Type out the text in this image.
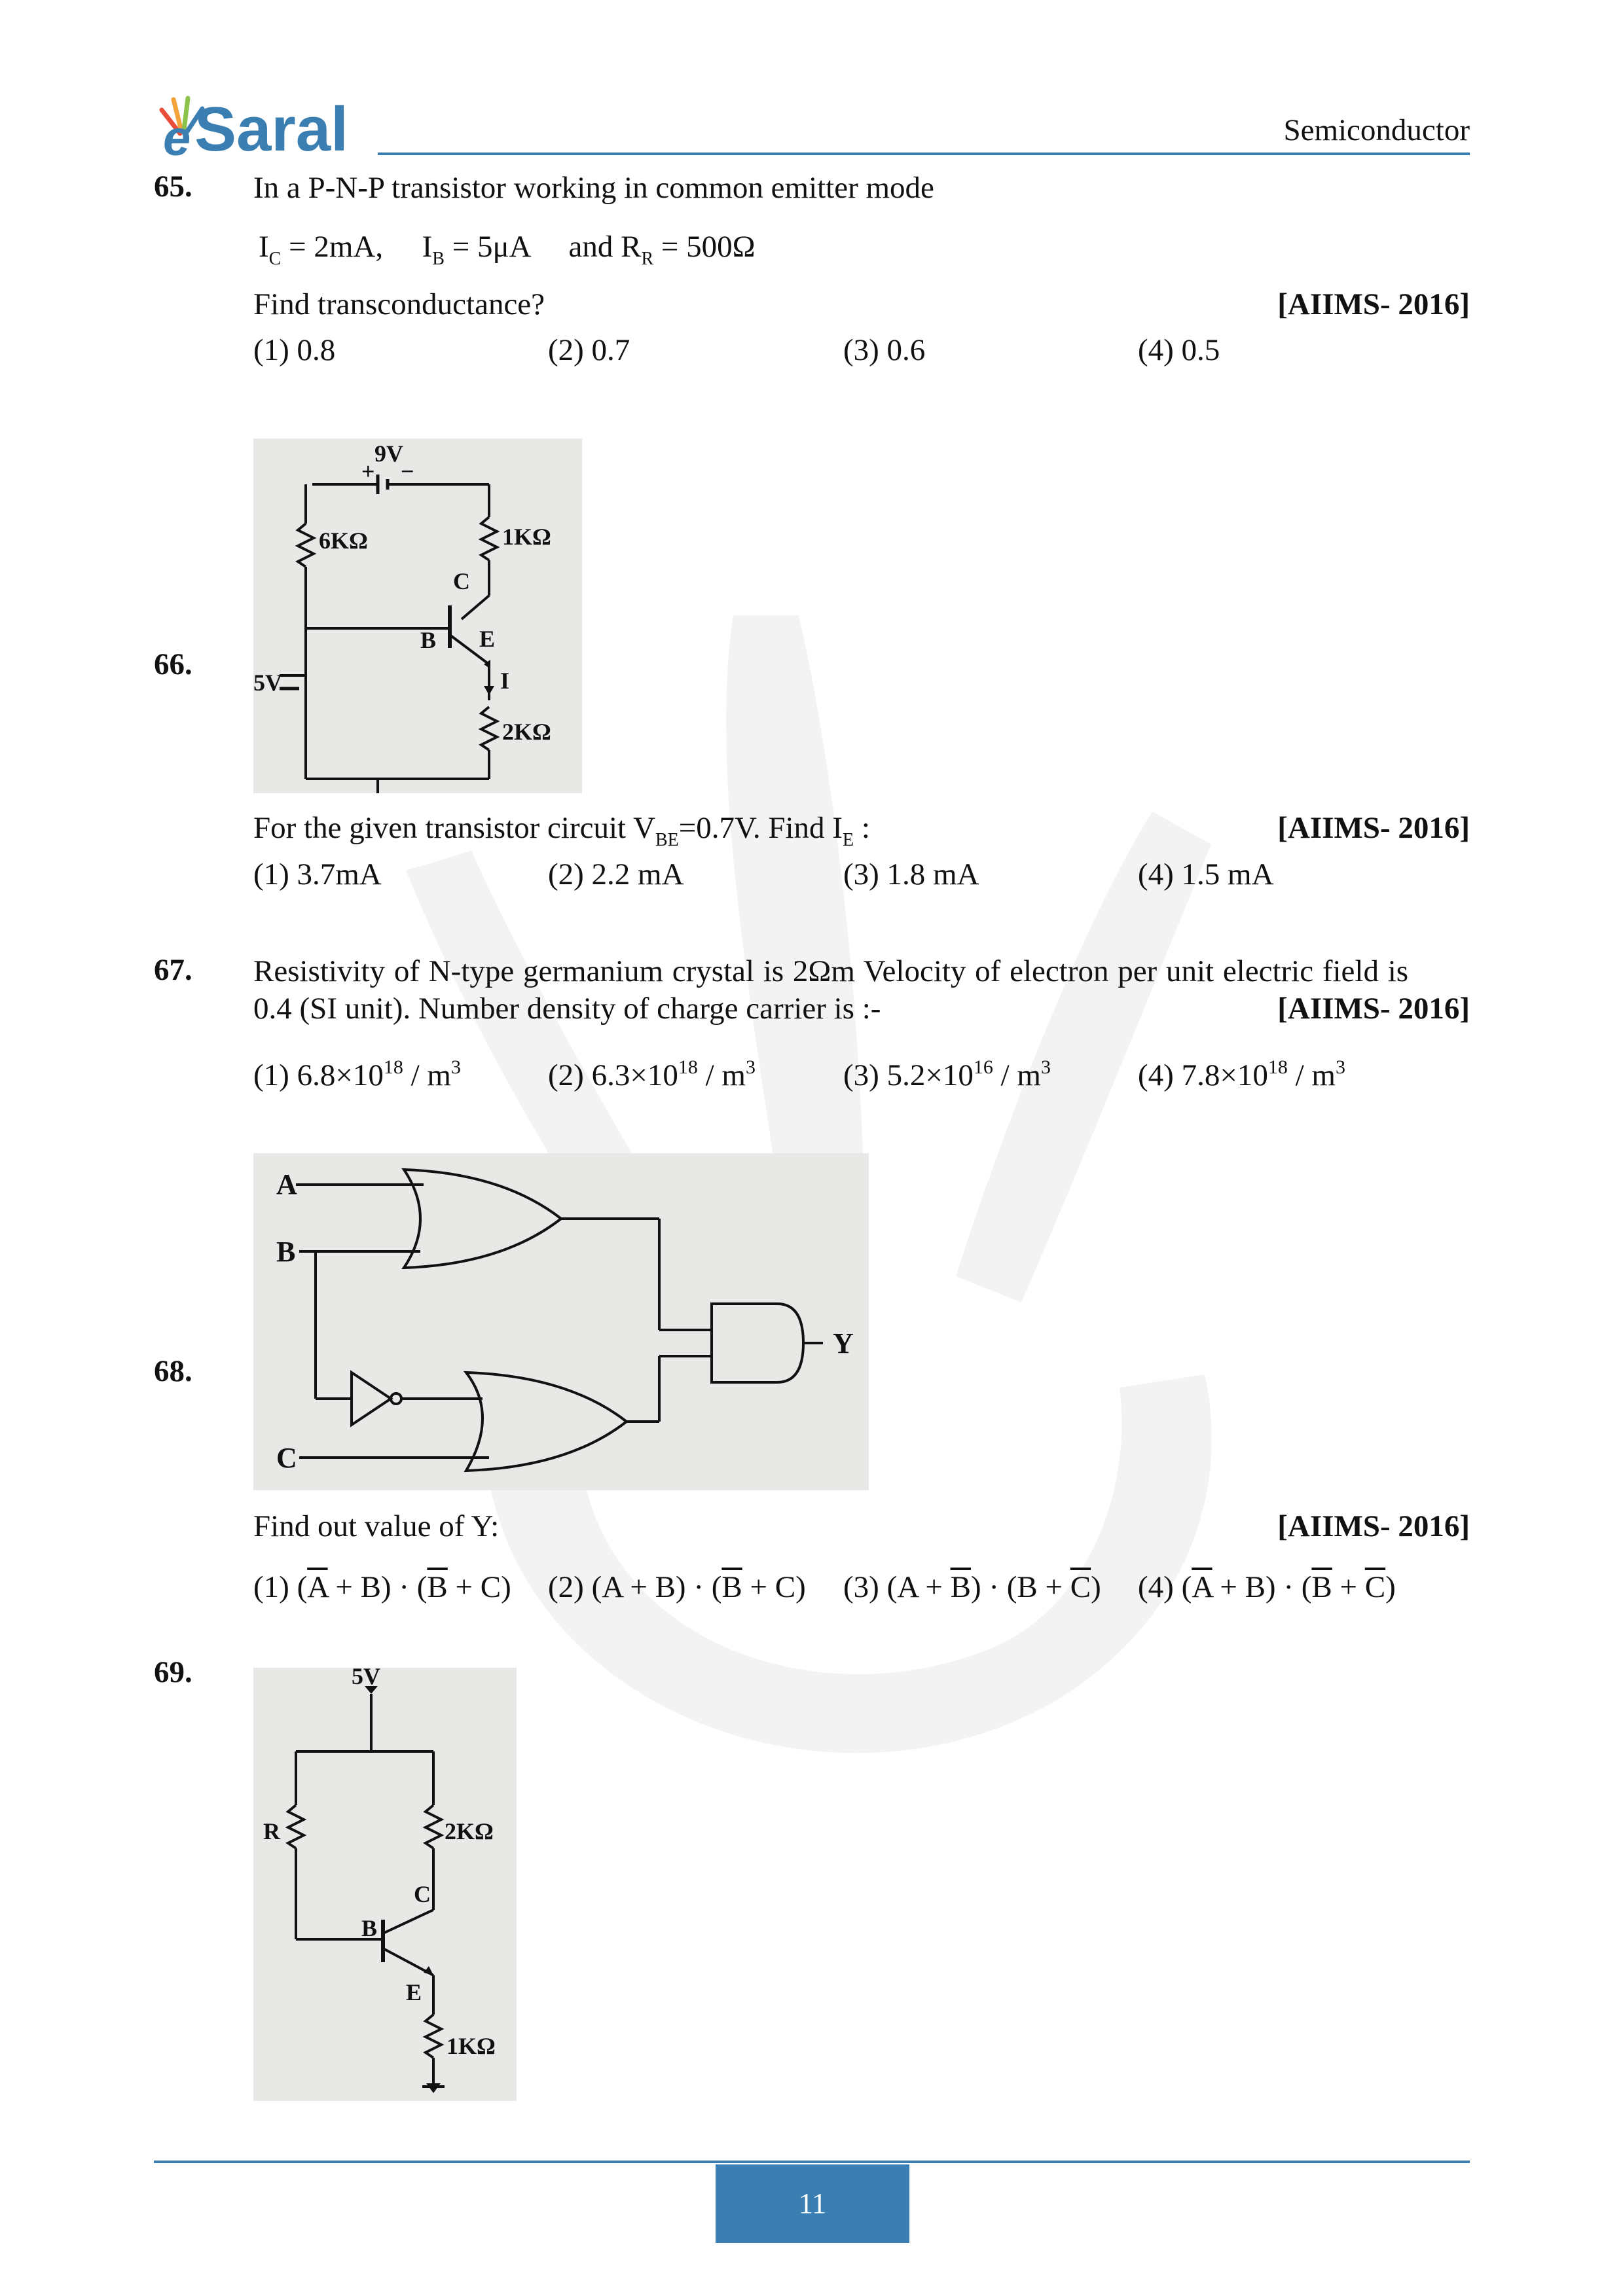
e Saral	Semiconductor
65. In a P-N-P transistor working in common emitter mode
$I_C = 2mA$, $I_B = 5\mu A$ and $R_R = 500\Omega$
Find transconductance?	[AIIMS- 2016]
(1) 0.8	(2) 0.7	(3) 0.6	(4) 0.5
66.
9V
+ −
6KΩ	1KΩ
C
B E
5V	I
2KΩ
For the given transistor circuit $V_{BE}=0.7V$. Find $I_E$ :	[AIIMS- 2016]
(1) 3.7mA	(2) 2.2 mA	(3) 1.8 mA	(4) 1.5 mA
67. Resistivity of N-type germanium crystal is 2Ωm Velocity of electron per unit electric field is
0.4 (SI unit). Number density of charge carrier is :-	[AIIMS- 2016]
(1) $6.8\times 10^{18} / m^3$	(2) $6.3\times 10^{18} / m^3$	(3) $5.2\times 10^{16} / m^3$	(4) $7.8\times 10^{18} / m^3$
68.
A
B
C
Y
Find out value of Y:	[AIIMS- 2016]
(1) $(\overline{A} + B) \cdot (\overline{B} + C)$ (2) $(A + B) \cdot (\overline{B} + C)$ (3) $(A + \overline{B}) \cdot (B + \overline{C})$ (4) $(\overline{A} + B) \cdot (\overline{B} + \overline{C})$
69.	5V
R	2KΩ
C
B
E
1KΩ
11
